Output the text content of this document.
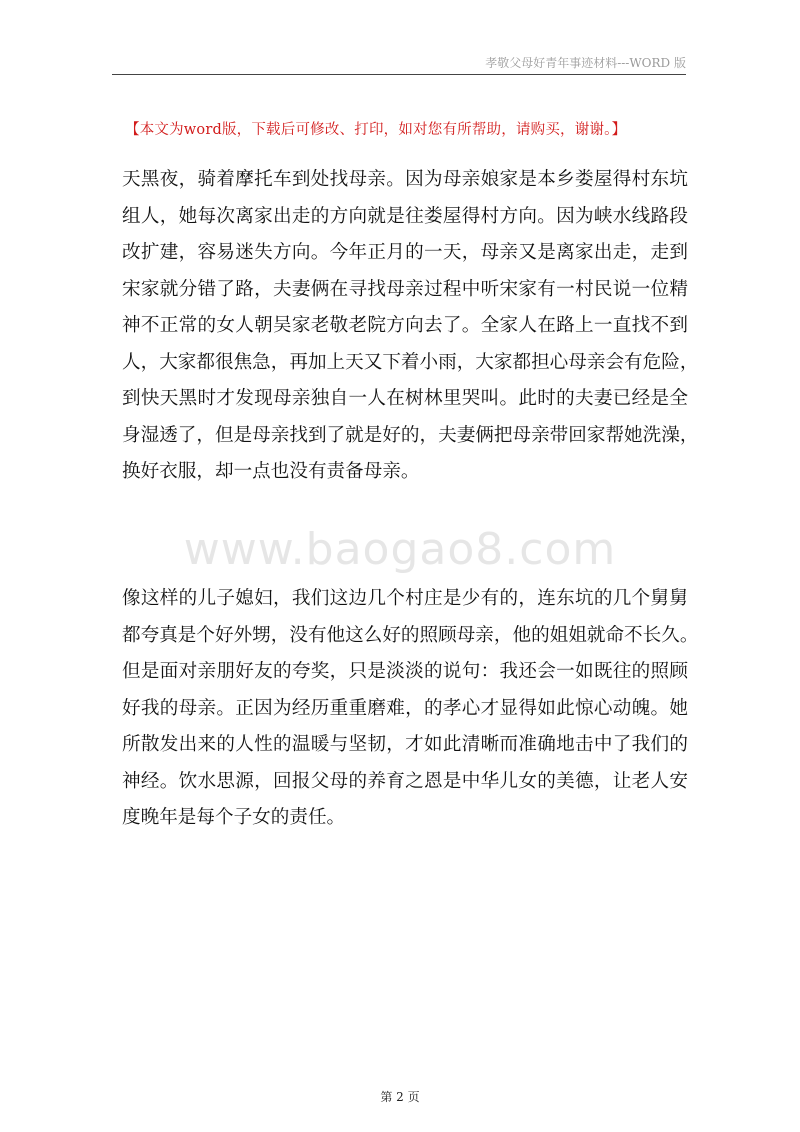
孝敬父母好青年事迹材料---WORD 版
【本文为word版，下载后可修改、打印，如对您有所帮助，请购买，谢谢。】
天黑夜，骑着摩托车到处找母亲。因为母亲娘家是本乡娄屋得村东坑
组人，她每次离家出走的方向就是往娄屋得村方向。因为峡水线路段
改扩建，容易迷失方向。今年正月的一天，母亲又是离家出走，走到
宋家就分错了路，夫妻俩在寻找母亲过程中听宋家有一村民说一位精
神不正常的女人朝吴家老敬老院方向去了。全家人在路上一直找不到
人，大家都很焦急，再加上天又下着小雨，大家都担心母亲会有危险，
到快天黑时才发现母亲独自一人在树林里哭叫。此时的夫妻已经是全
身湿透了，但是母亲找到了就是好的，夫妻俩把母亲带回家帮她洗澡，
换好衣服，却一点也没有责备母亲。
www.baogao8.com
像这样的儿子媳妇，我们这边几个村庄是少有的，连东坑的几个舅舅
都夸真是个好外甥，没有他这么好的照顾母亲，他的姐姐就命不长久。
但是面对亲朋好友的夸奖，只是淡淡的说句：我还会一如既往的照顾
好我的母亲。正因为经历重重磨难，的孝心才显得如此惊心动魄。她
所散发出来的人性的温暖与坚韧，才如此清晰而准确地击中了我们的
神经。饮水思源，回报父母的养育之恩是中华儿女的美德，让老人安
度晚年是每个子女的责任。
第 2 页
